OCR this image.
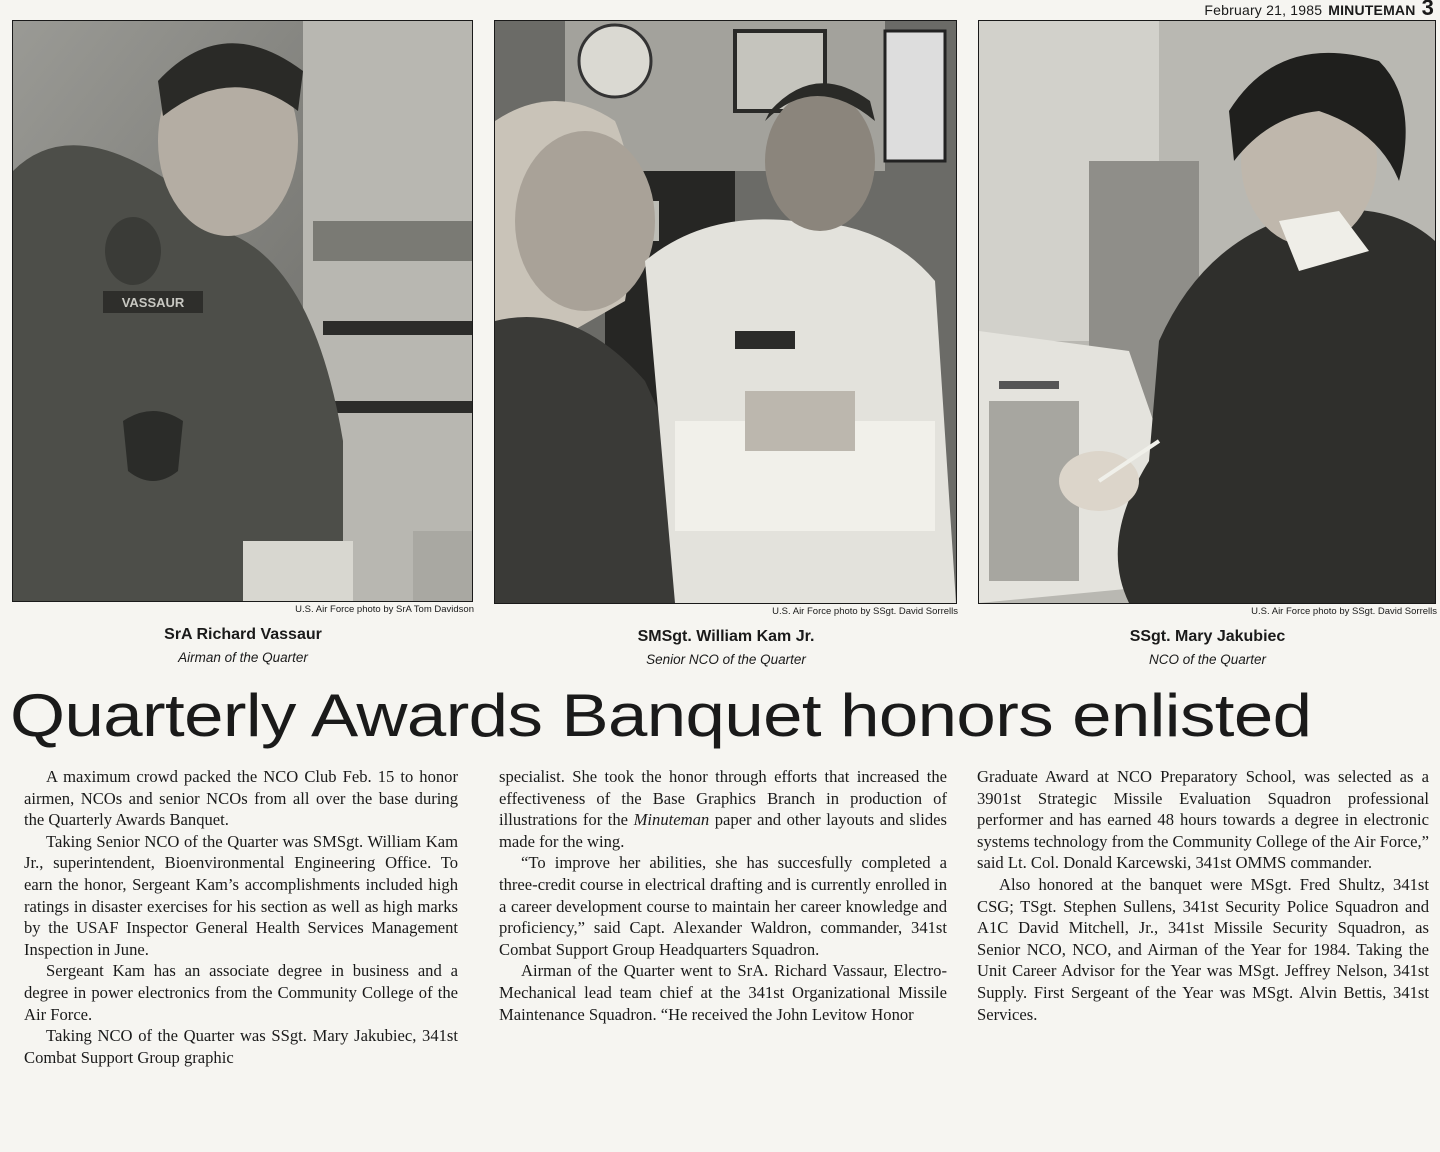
February 21, 1985 MINUTEMAN 3
VASSAUR
U.S. Air Force photo by SrA Tom Davidson
SrA Richard Vassaur
Airman of the Quarter
U.S. Air Force photo by SSgt. David Sorrells
SMSgt. William Kam Jr.
Senior NCO of the Quarter
U.S. Air Force photo by SSgt. David Sorrells
SSgt. Mary Jakubiec
NCO of the Quarter
Quarterly Awards Banquet honors enlisted

A maximum crowd packed the NCO Club Feb. 15 to honor airmen, NCOs and senior NCOs from all over the base during the Quarterly Awards Banquet.

Taking Senior NCO of the Quarter was SMSgt. William Kam Jr., superintendent, Bioenvironmental Engineering Office. To earn the honor, Sergeant Kam’s accomplishments included high ratings in disaster exercises for his section as well as high marks by the USAF Inspector General Health Services Management Inspection in June.

Sergeant Kam has an associate degree in business and a degree in power electronics from the Community College of the Air Force.

Taking NCO of the Quarter was SSgt. Mary Jakubiec, 341st Combat Support Group graphic

specialist. She took the honor through efforts that increased the effectiveness of the Base Graphics Branch in production of illustrations for the Minuteman paper and other layouts and slides made for the wing.

“To improve her abilities, she has succesfully completed a three-credit course in electrical drafting and is currently enrolled in a career development course to maintain her career knowledge and proficiency,” said Capt. Alexander Waldron, commander, 341st Combat Support Group Headquarters Squadron.

Airman of the Quarter went to SrA. Richard Vassaur, Electro-Mechanical lead team chief at the 341st Organizational Missile Maintenance Squadron. “He received the John Levitow Honor

Graduate Award at NCO Preparatory School, was selected as a 3901st Strategic Missile Evaluation Squadron professional performer and has earned 48 hours towards a degree in electronic systems technology from the Community College of the Air Force,” said Lt. Col. Donald Karcewski, 341st OMMS commander.

Also honored at the banquet were MSgt. Fred Shultz, 341st CSG; TSgt. Stephen Sullens, 341st Security Police Squadron and A1C David Mitchell, Jr., 341st Missile Security Squadron, as Senior NCO, NCO, and Airman of the Year for 1984. Taking the Unit Career Advisor for the Year was MSgt. Jeffrey Nelson, 341st Supply. First Sergeant of the Year was MSgt. Alvin Bettis, 341st Services.
